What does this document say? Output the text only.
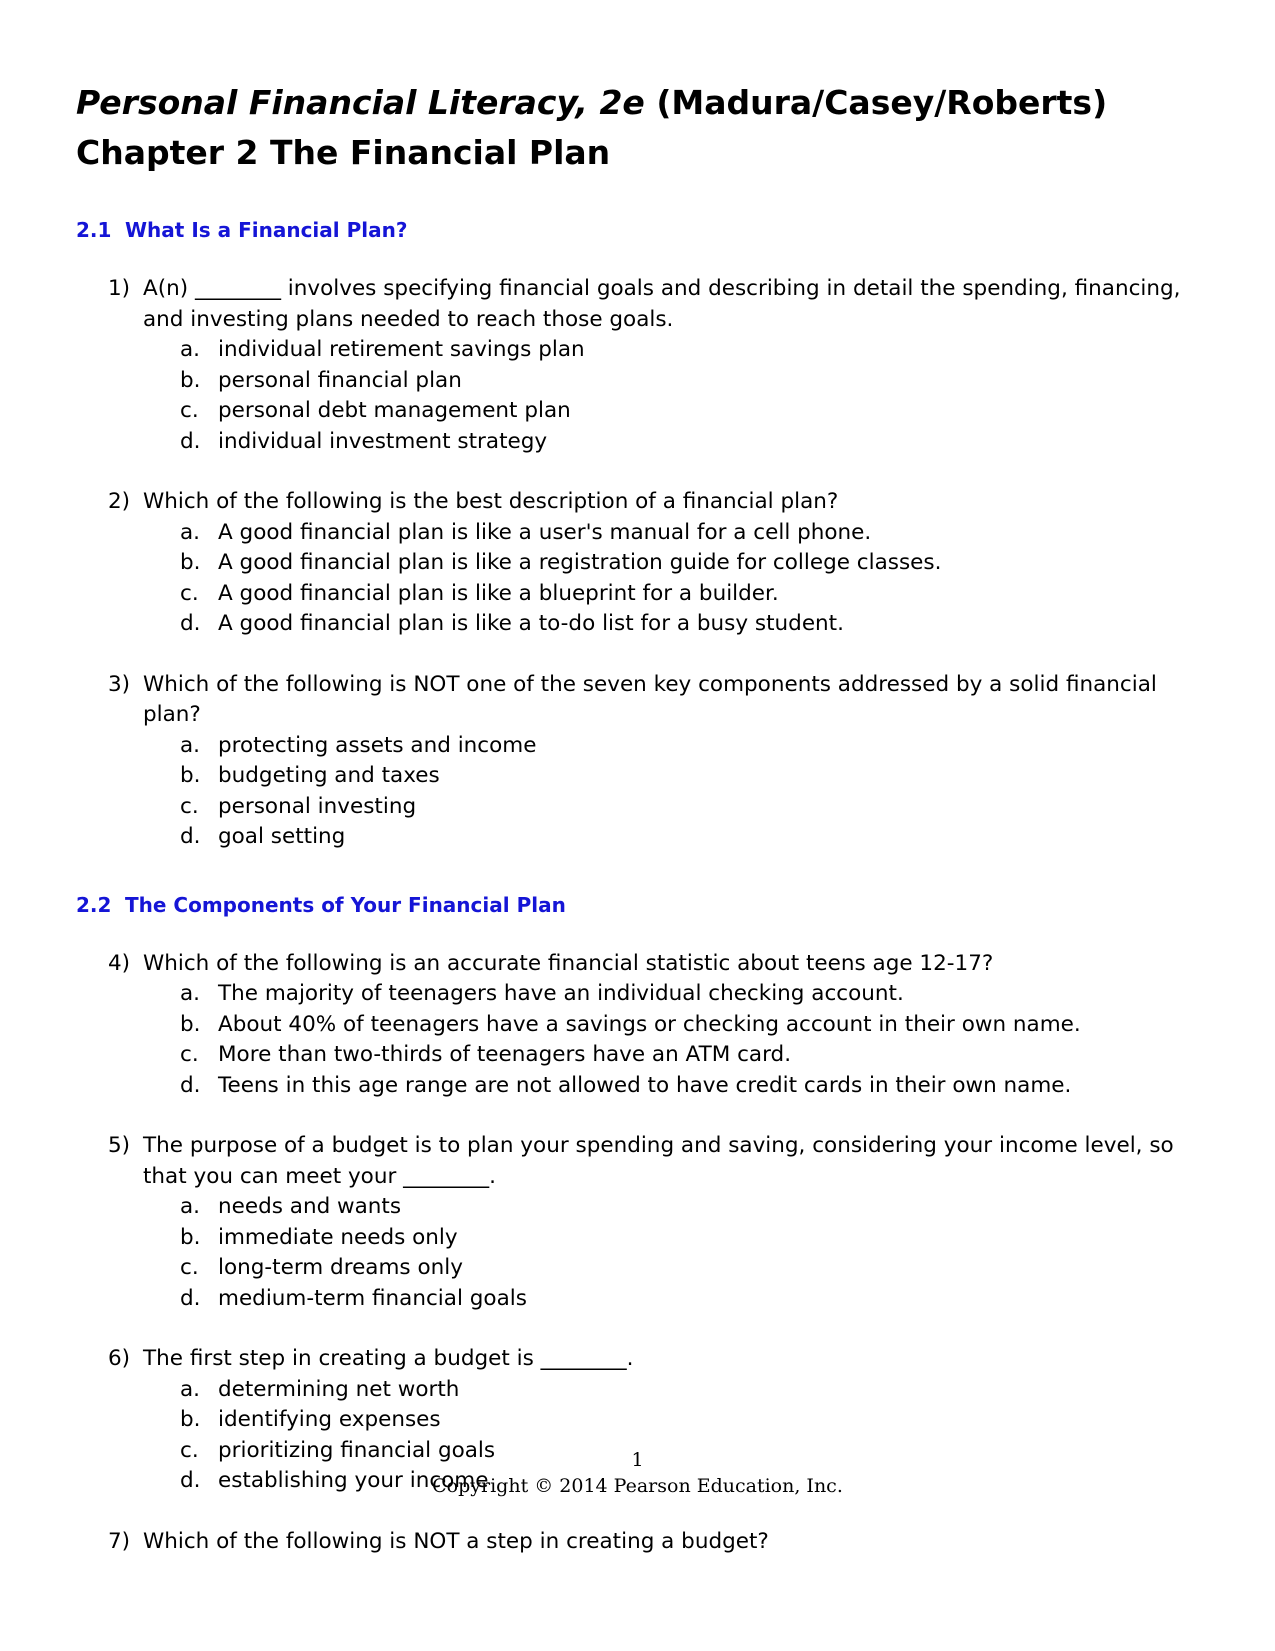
Personal Financial Literacy, 2e (Madura/Casey/Roberts)
Chapter 2 The Financial Plan
2.1 What Is a Financial Plan?
1) A(n) ________ involves specifying financial goals and describing in detail the spending, financing, and investing plans needed to reach those goals.
a. individual retirement savings plan
b. personal financial plan
c. personal debt management plan
d. individual investment strategy
2) Which of the following is the best description of a financial plan?
a. A good financial plan is like a user's manual for a cell phone.
b. A good financial plan is like a registration guide for college classes.
c. A good financial plan is like a blueprint for a builder.
d. A good financial plan is like a to-do list for a busy student.
3) Which of the following is NOT one of the seven key components addressed by a solid financial plan?
a. protecting assets and income
b. budgeting and taxes
c. personal investing
d. goal setting
2.2 The Components of Your Financial Plan
4) Which of the following is an accurate financial statistic about teens age 12-17?
a. The majority of teenagers have an individual checking account.
b. About 40% of teenagers have a savings or checking account in their own name.
c. More than two-thirds of teenagers have an ATM card.
d. Teens in this age range are not allowed to have credit cards in their own name.
5) The purpose of a budget is to plan your spending and saving, considering your income level, so that you can meet your ________.
a. needs and wants
b. immediate needs only
c. long-term dreams only
d. medium-term financial goals
6) The first step in creating a budget is ________.
a. determining net worth
b. identifying expenses
c. prioritizing financial goals
d. establishing your income
7) Which of the following is NOT a step in creating a budget?
1
Copyright © 2014 Pearson Education, Inc.
